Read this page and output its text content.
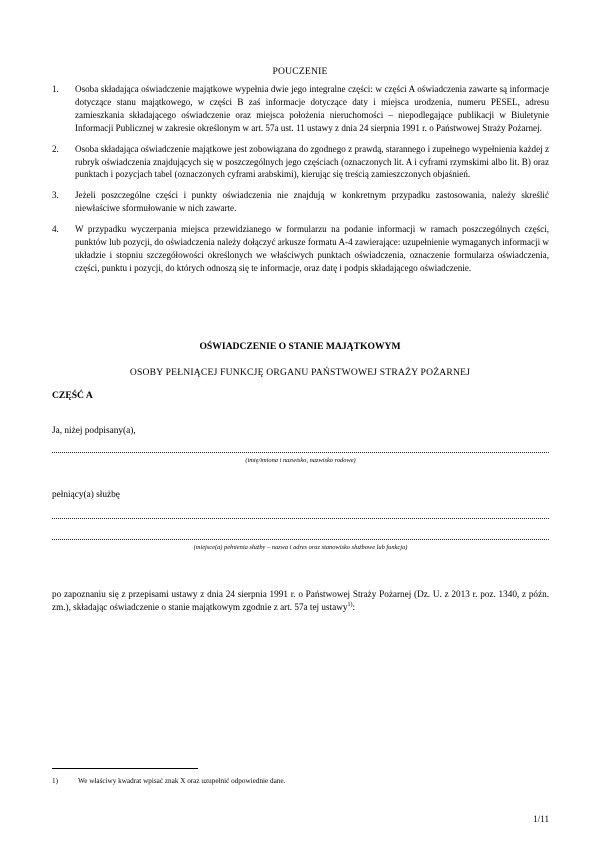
POUCZENIE
1. Osoba składająca oświadczenie majątkowe wypełnia dwie jego integralne części: w części A oświadczenia zawarte są informacje dotyczące stanu majątkowego, w części B zaś informacje dotyczące daty i miejsca urodzenia, numeru PESEL, adresu zamieszkania składającego oświadczenie oraz miejsca położenia nieruchomości – niepodlegające publikacji w Biuletynie Informacji Publicznej w zakresie określonym w art. 57a ust. 11 ustawy z dnia 24 sierpnia 1991 r. o Państwowej Straży Pożarnej.
2. Osoba składająca oświadczenie majątkowe jest zobowiązana do zgodnego z prawdą, starannego i zupełnego wypełnienia każdej z rubryk oświadczenia znajdujących się w poszczególnych jego częściach (oznaczonych lit. A i cyframi rzymskimi albo lit. B) oraz punktach i pozycjach tabel (oznaczonych cyframi arabskimi), kierując się treścią zamieszczonych objaśnień.
3. Jeżeli poszczególne części i punkty oświadczenia nie znajdują w konkretnym przypadku zastosowania, należy skreślić niewłaściwe sformułowanie w nich zawarte.
4. W przypadku wyczerpania miejsca przewidzianego w formularzu na podanie informacji w ramach poszczególnych części, punktów lub pozycji, do oświadczenia należy dołączyć arkusze formatu A-4 zawierające: uzupełnienie wymaganych informacji w układzie i stopniu szczegółowości określonych we właściwych punktach oświadczenia, oznaczenie formularza oświadczenia, części, punktu i pozycji, do których odnoszą się te informacje, oraz datę i podpis składającego oświadczenie.
OŚWIADCZENIE O STANIE MAJĄTKOWYM
OSOBY PEŁNIĄCEJ FUNKCJĘ ORGANU PAŃSTWOWEJ STRAŻY POŻARNEJ
CZĘŚĆ A
Ja, niżej podpisany(a),
(imię/imiona i nazwisko, nazwisko rodowe)
pełniący(a) służbę
(miejsce(a) pełnienia służby – nazwa i adres oraz stanowisko służbowe lub funkcja)
po zapoznaniu się z przepisami ustawy z dnia 24 sierpnia 1991 r. o Państwowej Straży Pożarnej (Dz. U. z 2013 r. poz. 1340, z późn. zm.), składając oświadczenie o stanie majątkowym zgodnie z art. 57a tej ustawy$^{1)}$:
1)	We właściwy kwadrat wpisać znak X oraz uzupełnić odpowiednie dane.
1/11
